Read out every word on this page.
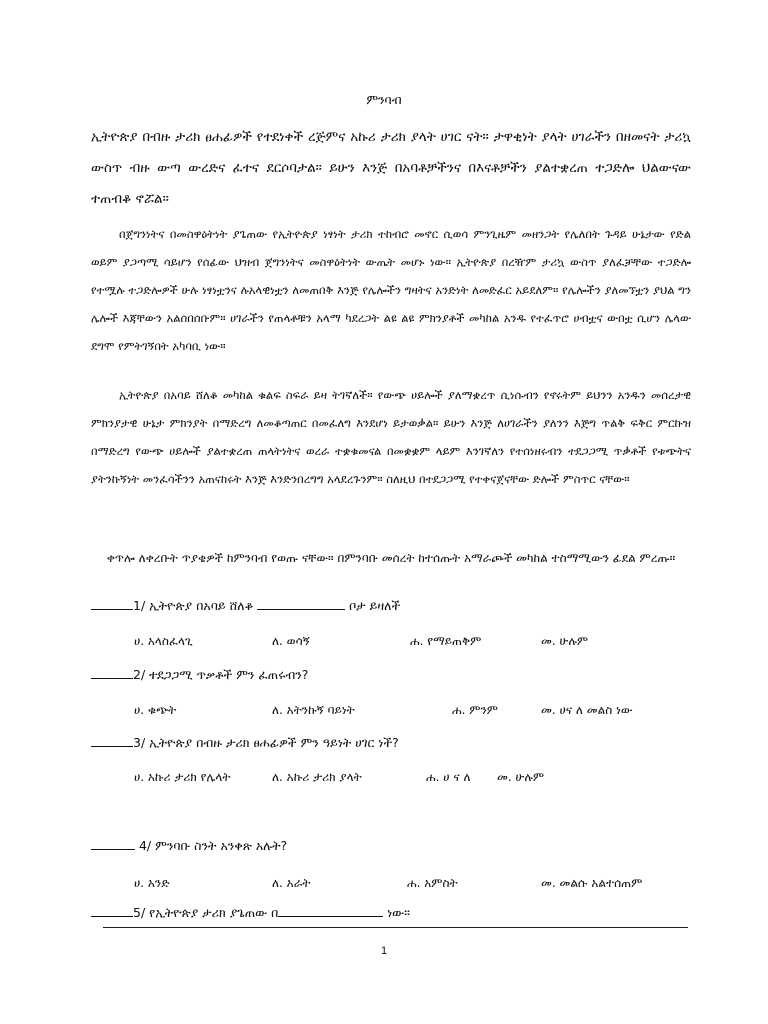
ምንባብ

ኢትዮጵያ በብዙ ታሪክ ፀሐፊዎች የተደነቀች ረጅምና አኩሪ ታሪክ ያላት ሀገር ናት። ታዋቂነት ያላት ሀገራችን በዘመናት ታሪኳ ውስጥ ብዙ ውጣ ውረድና ፈተና ደርሶባታል። ይሁን እንጅ በአባቶቻችንና በእናቶቻችን ያልተቋረጠ ተጋድሎ ህልውናው ተጠብቆ ኖሯል።

በጀግንነትና በመስዋዕትነት ያጌጠው የኢትዮጵያ ነፃነት ታሪክ ተከብሮ መኖር ሲወሳ ምንጊዜም መዘንጋት የሌለበት ጉዳይ ሁኔታው የድል ወይም ያጋጣሚ ሳይሆን የሰፊው ህዝብ ጀግንነትና መስዋዕትነት ውጤት መሆኑ ነው። ኢትዮጵያ በረዥም ታሪኳ ውስጥ ያለፈቻቸው ተጋድሎ የተሟሉ ተጋድሎዎች ሁሉ ነፃነቷንና ሉአላዊነቷን ለመጠበቅ እንጅ የሌሎችን ግዛትና አንድነት ለመድፈር አይደለም። የሌሎችን ያለመኘቷን ያህል ግን ሌሎች እጃቸውን አልሰበሰቡም። ሀገራችን የጠላቶቹን አላማ ካደረጋት ልዩ ልዩ ምክንያቶች መካከል አንዱ የተፈጥሮ ሀብቷና ውበቷ ሲሆን ሌላው ደግሞ የምትገኝበት አካባቢ ነው።

ኢትዮጵያ በአባይ ሸለቆ መካከል ቁልፍ ስፍራ ይዛ ትገኛለች። የውጭ ሀይሎች ያለማቋረጥ ሲነሱብን የኖሩትም ይህንን አንዱን መሰረታዊ ምክንያታዊ ሁኔታ ምክንያት በማድረግ ለመቆጣጠር በመፈለግ እንደሆነ ይታወቃል። ይሁን እንጅ ለሀገራችን ያለንን እጅግ ጥልቅ ፍቅር ምርኩዝ በማድረግ የውጭ ሀይሎች ያልተቋረጠ ጠላትነትና ወረራ ተቋቁመናል በመቋቋም ላይም እንገኛለን የተሰነዘሩብን ተደጋጋሚ ጥቃቶች የቱጭትና ያትንኩኝነት መንፈሳችንን አጠናከሩት እንጅ እንድንበረግግ አላደረጉንም። ስለዚህ በተደጋጋሚ የተቀናጀናቸው ድሎች ምስጥር ናቸው።

ቀጥሎ ለቀረቡት ጥያቄዎች ከምንባብ የወጡ ናቸው። በምንባቡ መሰረት ከተሰጡት አማራጮች መካከል ተስማሚውን ፊደል ምረጡ።
1/ ኢትዮጵያ በአባይ ሸለቆ	ቦታ ይዛለች
ሀ. አላስፈላጊ	ለ. ወሳኝ	ሐ. የማይጠቅም	መ. ሁሉም
2/ ተደጋጋሚ ጥቃቶች ምን ፈጠሩብን?
ሀ. ቁጭት	ለ. አትንኩኝ ባይነት	ሐ. ምንም	መ. ሀና ለ መልስ ነው
3/ ኢትዮጵያ በብዙ ታሪክ ፀሐፊዎች ምን ዓይነት ሀገር ነች?
ሀ. አኩሪ ታሪክ የሌላት	ለ. አኩሪ ታሪክ ያላት	ሐ. ሀ ና ለ መ. ሁሉም
4/ ምንባቡ ስንት አንቀጽ አሉት?
ሀ. አንድ	ለ. አራት	ሐ. አምስት	መ. መልሱ አልተሰጠም
5/ የኢትዮጵያ ታሪክ ያጌጠው በ	ነው።
1
